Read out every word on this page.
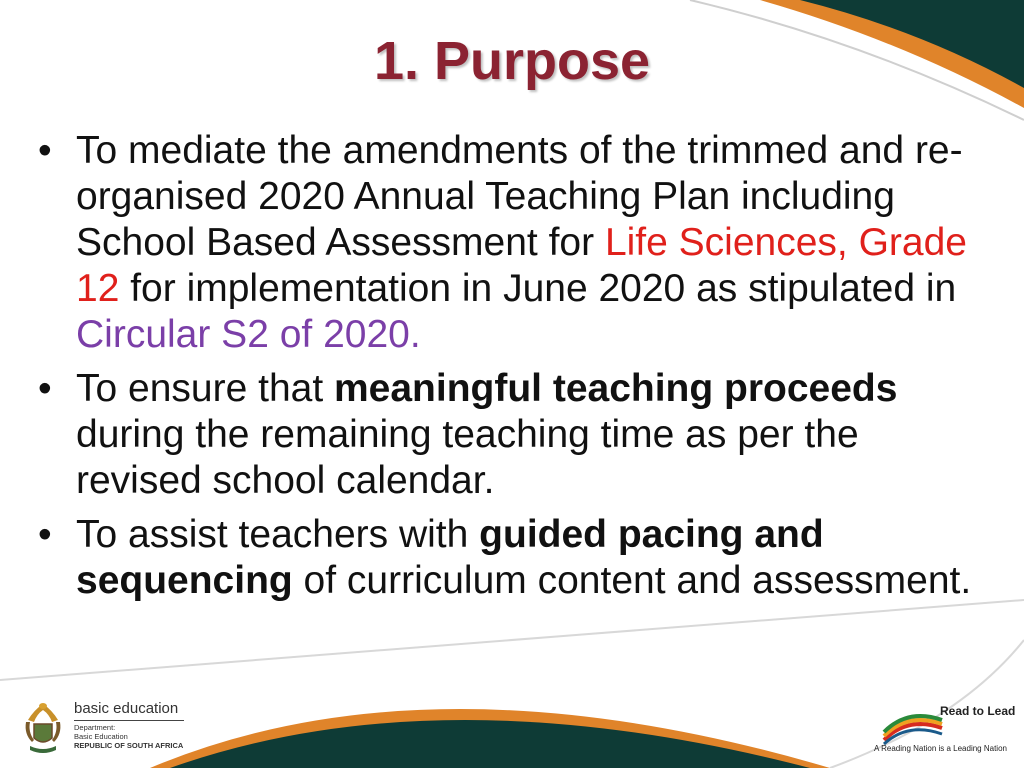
1. Purpose
• To mediate the amendments of the trimmed and re-organised 2020 Annual Teaching Plan including School Based Assessment for Life Sciences, Grade 12 for implementation in June 2020 as stipulated in Circular S2 of 2020.
• To ensure that meaningful teaching proceeds during the remaining teaching time as per the revised school calendar.
• To assist teachers with guided pacing and sequencing of curriculum content and assessment.
basic education
Department:
Basic Education
REPUBLIC OF SOUTH AFRICA
Read to Lead
A Reading Nation is a Leading Nation
